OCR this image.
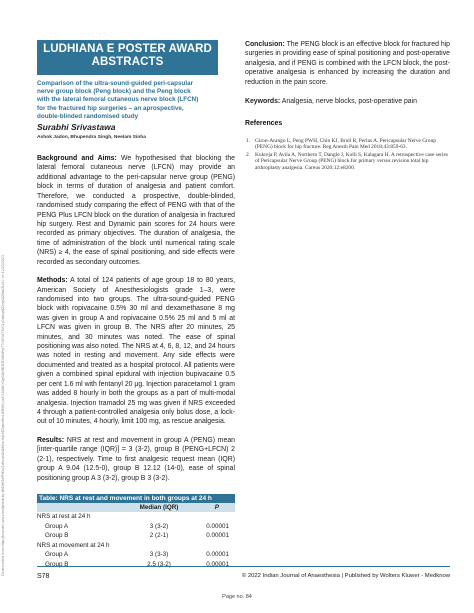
Downloaded from http://journals.lww.com/ijaweb by BhDMf5ePHKav1zEoum1tQfN4a+kJLhEZgbsIHo4XMi0hCywCX1AWnYQp/IlQrHD3i3D0OdRyi7TvSFl4Cf3VC1y0abggQZXdgGj2MwlZLeI= on 12/23/2023
LUDHIANA E POSTER AWARD
ABSTRACTS
Comparison of the ultra-sound-guided peri-capsular
nerve group block (Peng block) and the Peng block
with the lateral femoral cutaneous nerve block (LFCN)
for the fractured hip surgeries – an aprospective,
double-blinded randomised study
Surabhi Srivastawa
Ashok Jadon, Bhupendra Singh, Neelam Sinha

Background and Aims: We hypothesised that blocking the lateral femoral cutaneous nerve (LFCN) may provide an additional advantage to the peri-capsular nerve group (PENG) block in terms of duration of analgesia and patient comfort. Therefore, we conducted a prospective, double-blinded, randomised study comparing the effect of PENG with that of the PENG Plus LFCN block on the duration of analgesia in fractured hip surgery. Rest and Dynamic pain scores for 24 hours were recorded as primary objectives. The duration of analgesia, the time of administration of the block until numerical rating scale (NRS) ≥ 4, the ease of spinal positioning, and side effects were recorded as secondary outcomes.

Methods: A total of 124 patients of age group 18 to 80 years, American Society of Anesthesiologists grade 1–3, were randomised into two groups. The ultra-sound-guided PENG block with ropivacaine 0.5% 30 ml and dexamethasone 8 mg was given in group A and ropivacaine 0.5% 25 ml and 5 ml at LFCN was given in group B. The NRS after 20 minutes, 25 minutes, and 30 minutes was noted. The ease of spinal positioning was also noted. The NRS at 4, 6, 8, 12, and 24 hours was noted in resting and movement. Any side effects were documented and treated as a hospital protocol. All patients were given a combined spinal epidural with injection bupivacaine 0.5 per cent 1.6 ml with fentanyl 20 μg. Injection paracetamol 1 gram was added 8 hourly in both the groups as a part of multi-modal analgesia. Injection tramadol 25 mg was given if NRS exceeded 4 through a patient-controlled analgesia only bolus dose, a lock-out of 10 minutes, 4 hourly, limit 100 mg, as rescue analgesia.

Results: NRS at rest and movement in group A (PENG) mean [inter-quartile range (IQR)] = 3 (3-2), group B (PENG+LFCN) 2 (2-1), respectively. Time to first analgesic request mean (IQR) group A 9.04 (12.5-0), group B 12.12 (14-0), ease of spinal positioning group A 3 (3-2), group B 3 (3-2).

Table: NRS at rest and movement in both groups at 24 h
	Median (IQR)	P
NRS at rest at 24 h		
Group A	3 (3-2)	0.00001
Group B	2 (2-1)	0.00001
NRS at movement at 24 h		
Group A	3 (3-3)	0.00001
Group B	2.5 (3-2)	0.00001

Conclusion: The PENG block is an effective block for fractured hip surgeries in providing ease of spinal positioning and post-operative analgesia, and if PENG is combined with the LFCN block, the post-operative analgesia is enhanced by increasing the duration and reduction in the pain score.

Keywords: Analgesia, nerve blocks, post-operative pain

References
1. Giron-Arango L, Peng PWH, Chin KJ, Brull R, Perlas A. Pericapsular Nerve Group (PENG) block for hip fracture. Reg Anesth Pain Med 2018;43:859-63.
2. Kukreja P, Avila A, Northern T, Dangle J, Kolli S, Kalagara H. A retrospective case series of Pericapsular Nerve Group (PENG) block for primary versus revision total hip arthroplasty analgesia. Cureus 2020;12:e8200.
S78	© 2022 Indian Journal of Anaesthesia | Published by Wolters Kluwer - Medknow
Page no. 84
